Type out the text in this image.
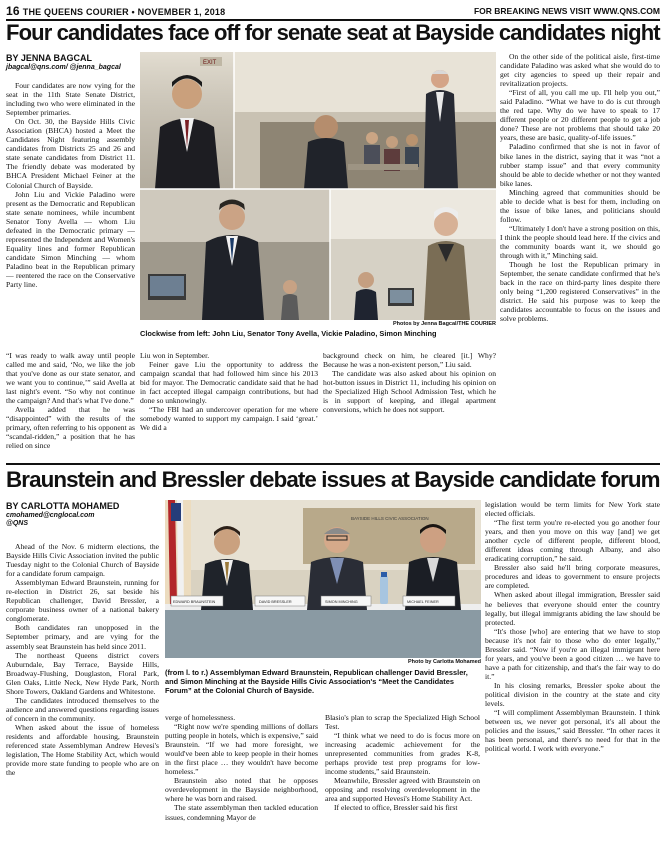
16 THE QUEENS COURIER • NOVEMBER 1, 2018	FOR BREAKING NEWS VISIT WWW.QNS.COM
Four candidates face off for senate seat at Bayside candidates night
BY JENNA BAGCAL
jbagcal@qns.com/ @jenna_bagcal

Four candidates are now vying for the seat in the 11th State Senate District, including two who were eliminated in the September primaries.

On Oct. 30, the Bayside Hills Civic Association (BHCA) hosted a Meet the Candidates Night featuring assembly candidates from Districts 25 and 26 and state senate candidates from District 11. The friendly debate was moderated by BHCA President Michael Feiner at the Colonial Church of Bayside.

John Liu and Vickie Paladino were present as the Democratic and Republican state senate nominees, while incumbent Senator Tony Avella — whom Liu defeated in the Democratic primary — represented the Independent and Women's Equality lines and former Republican candidate Simon Minching — whom Paladino beat in the Republican primary — reentered the race on the Conservative Party line.

EXIT
Photos by Jenna Bagcal/THE COURIER
Clockwise from left: John Liu, Senator Tony Avella, Vickie Paladino, Simon Minching

“I was ready to walk away until people called me and said, ‘No, we like the job that you've done as our state senator, and we want you to continue,’” said Avella at last night's event. “So why not continue the campaign? And that's what I've done.”

Avella added that he was “disappointed” with the results of the primary, often referring to his opponent as “scandal-ridden,” a position that he has relied on since

Liu won in September.

Feiner gave Liu the opportunity to address the campaign scandal that had followed him since his 2013 bid for mayor. The Democratic candidate said that he had in fact accepted illegal campaign contributions, but had done so unknowingly.

“The FBI had an undercover operation for me where somebody wanted to support my campaign. I said ‘great.’ We did a

background check on him, he cleared [it.] Why? Because he was a non-existent person,” Liu said.

The candidate was also asked about his opinion on hot-button issues in District 11, including his opinion on the Specialized High School Admission Test, which he is in support of keeping, and illegal apartment conversions, which he does not support.

On the other side of the political aisle, first-time candidate Paladino was asked what she would do to get city agencies to speed up their repair and revitalization projects.

“First of all, you call me up. I'll help you out,” said Paladino. “What we have to do is cut through the red tape. Why do we have to speak to 17 different people or 20 different people to get a job done? These are not problems that should take 20 years, these are basic, quality-of-life issues.”

Paladino confirmed that she is not in favor of bike lanes in the district, saying that it was “not a rubber stamp issue” and that every community should be able to decide whether or not they wanted bike lanes.

Minching agreed that communities should be able to decide what is best for them, including on the issue of bike lanes, and politicians should follow.

“Ultimately I don't have a strong position on this, I think the people should lead here. If the civics and the community boards want it, we should go through with it,” Minching said.

Though he lost the Republican primary in September, the senate candidate confirmed that he's back in the race on third-party lines despite there only being “1,200 registered Conservatives” in the district. He said his purpose was to keep the candidates accountable to focus on the issues and solve problems.

Braunstein and Bressler debate issues at Bayside candidate forum
BY CARLOTTA MOHAMED
cmohamed@cnglocal.com
@QNS

Ahead of the Nov. 6 midterm elections, the Bayside Hills Civic Association invited the public Tuesday night to the Colonial Church of Bayside for a candidate forum campaign.

Assemblyman Edward Braunstein, running for re-election in District 26, sat beside his Republican challenger, David Bressler, a corporate business owner of a national bakery conglomerate.

Both candidates ran unopposed in the September primary, and are vying for the assembly seat Braunstein has held since 2011.

The northeast Queens district covers Auburndale, Bay Terrace, Bayside Hills, Broadway-Flushing, Douglaston, Floral Park, Glen Oaks, Little Neck, New Hyde Park, North Shore Towers, Oakland Gardens and Whitestone.

The candidates introduced themselves to the audience and answered questions regarding issues of concern in the community.

When asked about the issue of homeless residents and affordable housing, Braunstein referenced state Assemblyman Andrew Hevesi's legislation, The Home Stability Act, which would provide more state funding to people who are on the

BAYSIDE HILLS CIVIC ASSOCIATION
EDWARD BRAUNSTEIN	DAVID BRESSLER	SIMON MINCHING	MICHAEL FEINER
Photo by Carlotta Mohamed
(from l. to r.) Assemblyman Edward Braunstein, Republican challenger David Bressler, and Simon Minching at the Bayside Hills Civic Association's “Meet the Candidates Forum” at the Colonial Church of Bayside.

verge of homelessness.

“Right now we're spending millions of dollars putting people in hotels, which is expensive,” said Braunstein. “If we had more foresight, we would've been able to keep people in their homes in the first place … they wouldn't have become homeless.”

Braunstein also noted that he opposes overdevelopment in the Bayside neighborhood, where he was born and raised.

The state assemblyman then tackled education issues, condemning Mayor de

Blasio's plan to scrap the Specialized High School Test.

“I think what we need to do is focus more on increasing academic achievement for the unrepresented communities from grades K-8, perhaps provide test prep programs for low-income students,” said Braunstein.

Meanwhile, Bressler agreed with Braunstein on opposing and resolving overdevelopment in the area and supported Hevesi's Home Stability Act.

If elected to office, Bressler said his first

legislation would be term limits for New York state elected officials.

“The first term you're re-elected you go another four years, and then you move on this way [and] we get another cycle of different people, different blood, different ideas coming through Albany, and also eradicating corruption,” he said.

Bressler also said he'll bring corporate measures, procedures and ideas to government to ensure projects are completed.

When asked about illegal immigration, Bressler said he believes that everyone should enter the country legally, but illegal immigrants abiding the law should be protected.

“It's those [who] are entering that we have to stop because it's not fair to those who do enter legally,” Bressler said. “Now if you're an illegal immigrant here for years, and you've been a good citizen … we have to have a path for citizenship, and that's the fair way to do it.”

In his closing remarks, Bressler spoke about the political division in the country at the state and city levels.

“I will compliment Assemblyman Braunstein. I think between us, we never got personal, it's all about the policies and the issues,” said Bressler. “In other races it has been personal, and there's no need for that in the political world. I work with everyone.”
